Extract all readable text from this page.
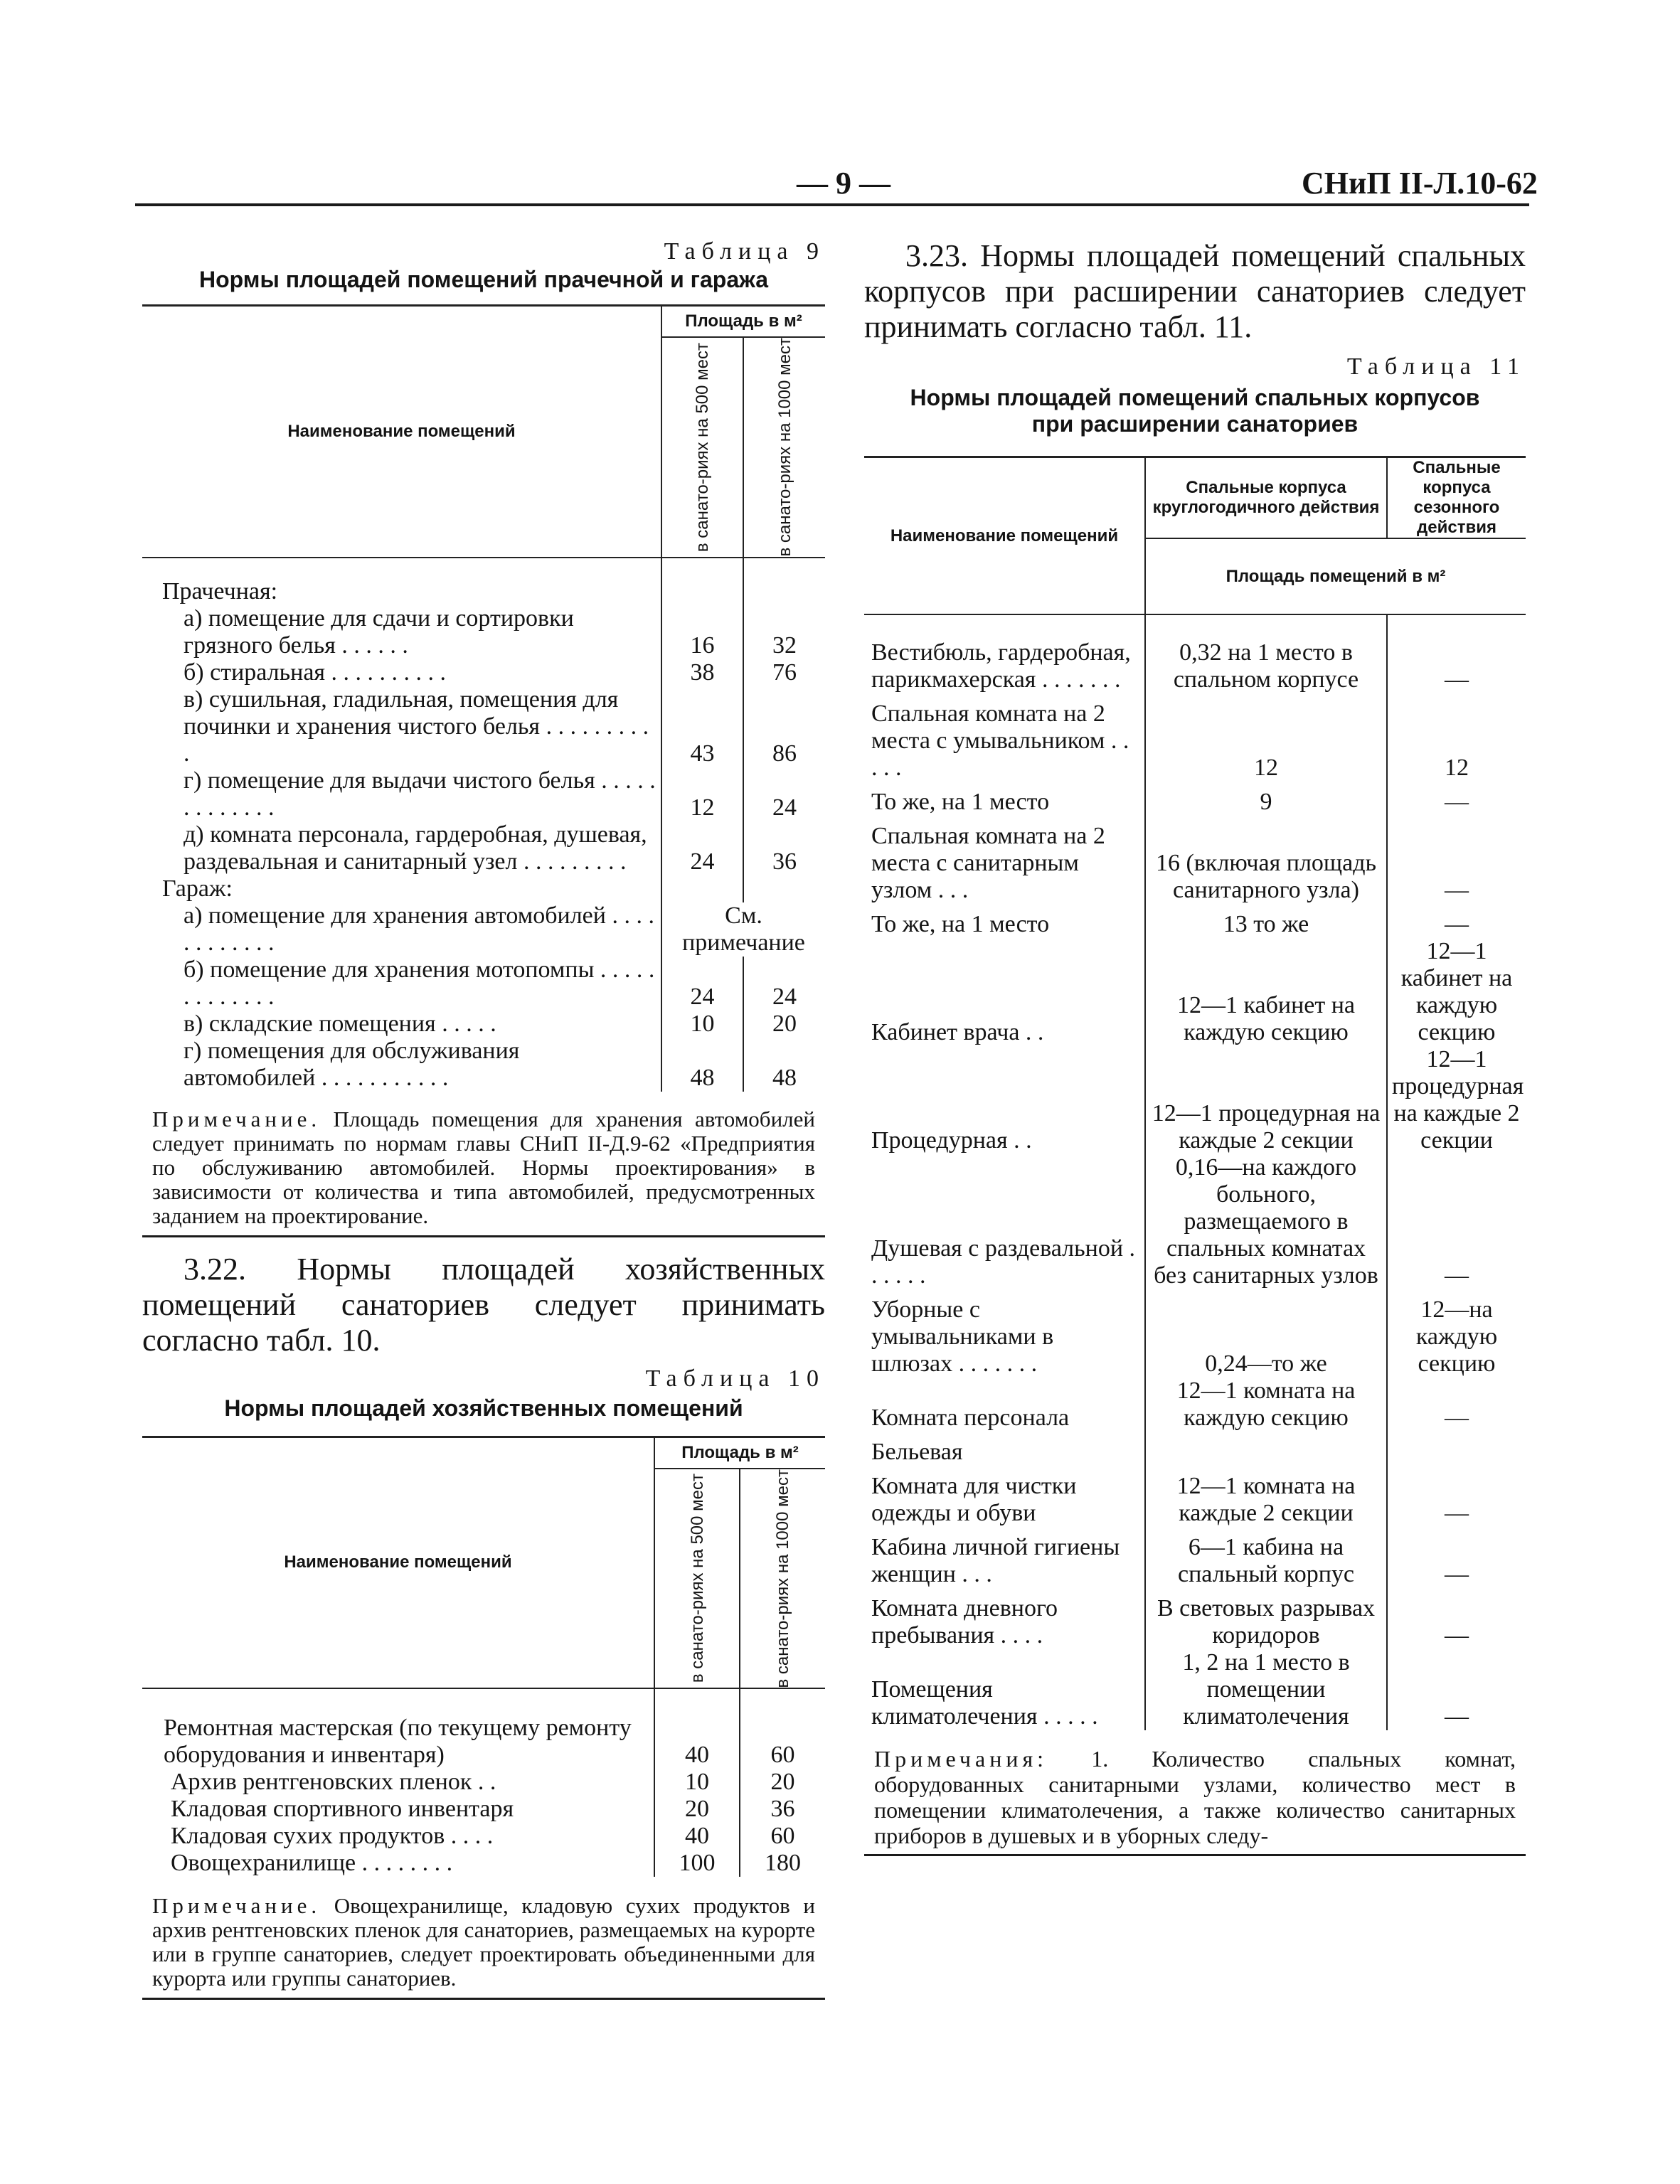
— 9 —	СНиП II-Л.10-62
Таблица 9
Нормы площадей помещений прачечной и гаража
Наименование помещений	Площадь в м²	

	в санато-риях на 500 мест	в санато-риях на 1000 мест

Прачечная:		
а) помещение для сдачи и сортировки грязного белья . . . . . .	16	32
б) стиральная . . . . . . . . . .	38	76
в) сушильная, гладильная, помещения для починки и хранения чистого белья . . . . . . . . . .	43	86
г) помещение для выдачи чистого белья . . . . . . . . . . . . .	12	24
д) комната персонала, гардеробная, душевая, раздевальная и санитарный узел . . . . . . . . .	24	36
Гараж:		
а) помещение для хранения автомобилей . . . . . . . . . . . .	См. примечание	
б) помещение для хранения мотопомпы . . . . . . . . . . . . .	24	24
в) складские помещения . . . . .	10	20
г) помещения для обслуживания автомобилей . . . . . . . . . . .	48	48
Примечание. Площадь помещения для хранения автомобилей следует принимать по нормам главы СНиП II-Д.9-62 «Предприятия по обслуживанию автомобилей. Нормы проектирования» в зависимости от количества и типа автомобилей, предусмотренных заданием на проектирование.
3.22. Нормы площадей хозяйственных помещений санаториев следует принимать согласно табл. 10.
Таблица 10
Нормы площадей хозяйственных помещений
Наименование помещений	Площадь в м²	

	в санато-риях на 500 мест	в санато-риях на 1000 мест

Ремонтная мастерская (по текущему ремонту оборудования и инвентаря)	40	60
Архив рентгеновских пленок . .	10	20
Кладовая спортивного инвентаря	20	36
Кладовая сухих продуктов . . . .	40	60
Овощехранилище . . . . . . . .	100	180
Примечание. Овощехранилище, кладовую сухих продуктов и архив рентгеновских пленок для санаториев, размещаемых на курорте или в группе санаториев, следует проектировать объединенными для курорта или группы санаториев.
3.23. Нормы площадей помещений спальных корпусов при расширении санаториев следует принимать согласно табл. 11.
Таблица 11
Нормы площадей помещений спальных корпусов при расширении санаториев
Наименование помещений	Спальные корпуса круглогодичного действия	Спальные корпуса сезонного действия
	Площадь помещений в м²	
Вестибюль, гардеробная, парикмахерская . . . . . . .	0,32 на 1 место в спальном корпусе	—
Спальная комната на 2 места с умывальником . . . . .	12	12
То же, на 1 место	9	—
Спальная комната на 2 места с санитарным узлом . . .	16 (включая площадь санитарного узла)	—
То же, на 1 место	13 то же	—
Кабинет врача . .	12—1 кабинет на каждую секцию	12—1 кабинет на каждую секцию
Процедурная . .	12—1 процедурная на каждые 2 секции	12—1 процедурная на каждые 2 секции
Душевая с раздевальной . . . . . .	0,16—на каждого больного, размещаемого в спальных комнатах без санитарных узлов	—
Уборные с умывальниками в шлюзах . . . . . . .	0,24—то же	12—на каждую секцию
Комната персонала	12—1 комната на каждую секцию	—
Бельевая		
Комната для чистки одежды и обуви	12—1 комната на каждые 2 секции	—
Кабина личной гигиены женщин . . .	6—1 кабина на спальный корпус	—
Комната дневного пребывания . . . .	В световых разрывах коридоров	—
Помещения климатолечения . . . . .	1, 2 на 1 место в помещении климатолечения	—
Примечания: 1. Количество спальных комнат, оборудованных санитарными узлами, количество мест в помещении климатолечения, а также количество санитарных приборов в душевых и в уборных следу-
